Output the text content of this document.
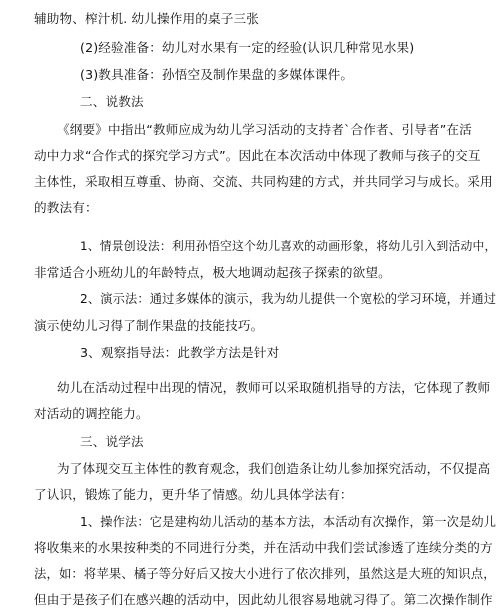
辅助物、榨汁机. 幼儿操作用的桌子三张
(2)经验准备：幼儿对水果有一定的经验(认识几种常见水果)
(3)教具准备：孙悟空及制作果盘的多媒体课件。
二、说教法
《纲要》中指出“教师应成为幼儿学习活动的支持者`合作者、引导者”在活
动中力求“合作式的探究学习方式”。因此在本次活动中体现了教师与孩子的交互
主体性，采取相互尊重、协商、交流、共同构建的方式，并共同学习与成长。采用
的教法有：
1、情景创设法：利用孙悟空这个幼儿喜欢的动画形象，将幼儿引入到活动中，
非常适合小班幼儿的年龄特点，极大地调动起孩子探索的欲望。
2、演示法：通过多媒体的演示，我为幼儿提供一个宽松的学习环境，并通过
演示使幼儿习得了制作果盘的技能技巧。
3、观察指导法：此教学方法是针对
幼儿在活动过程中出现的情况，教师可以采取随机指导的方法，它体现了教师
对活动的调控能力。
三、说学法
为了体现交互主体性的教育观念，我们创造条让幼儿参加探究活动，不仅提高
了认识，锻炼了能力，更升华了情感。幼儿具体学法有：
1、操作法：它是建构幼儿活动的基本方法，本活动有次操作，第一次是幼儿
将收集来的水果按种类的不同进行分类，并在活动中我们尝试渗透了连续分类的方
法，如：将苹果、橘子等分好后又按大小进行了依次排列，虽然这是大班的知识点，
但由于是孩子们在感兴趣的活动中，因此幼儿很容易地就习得了。第二次操作制作
